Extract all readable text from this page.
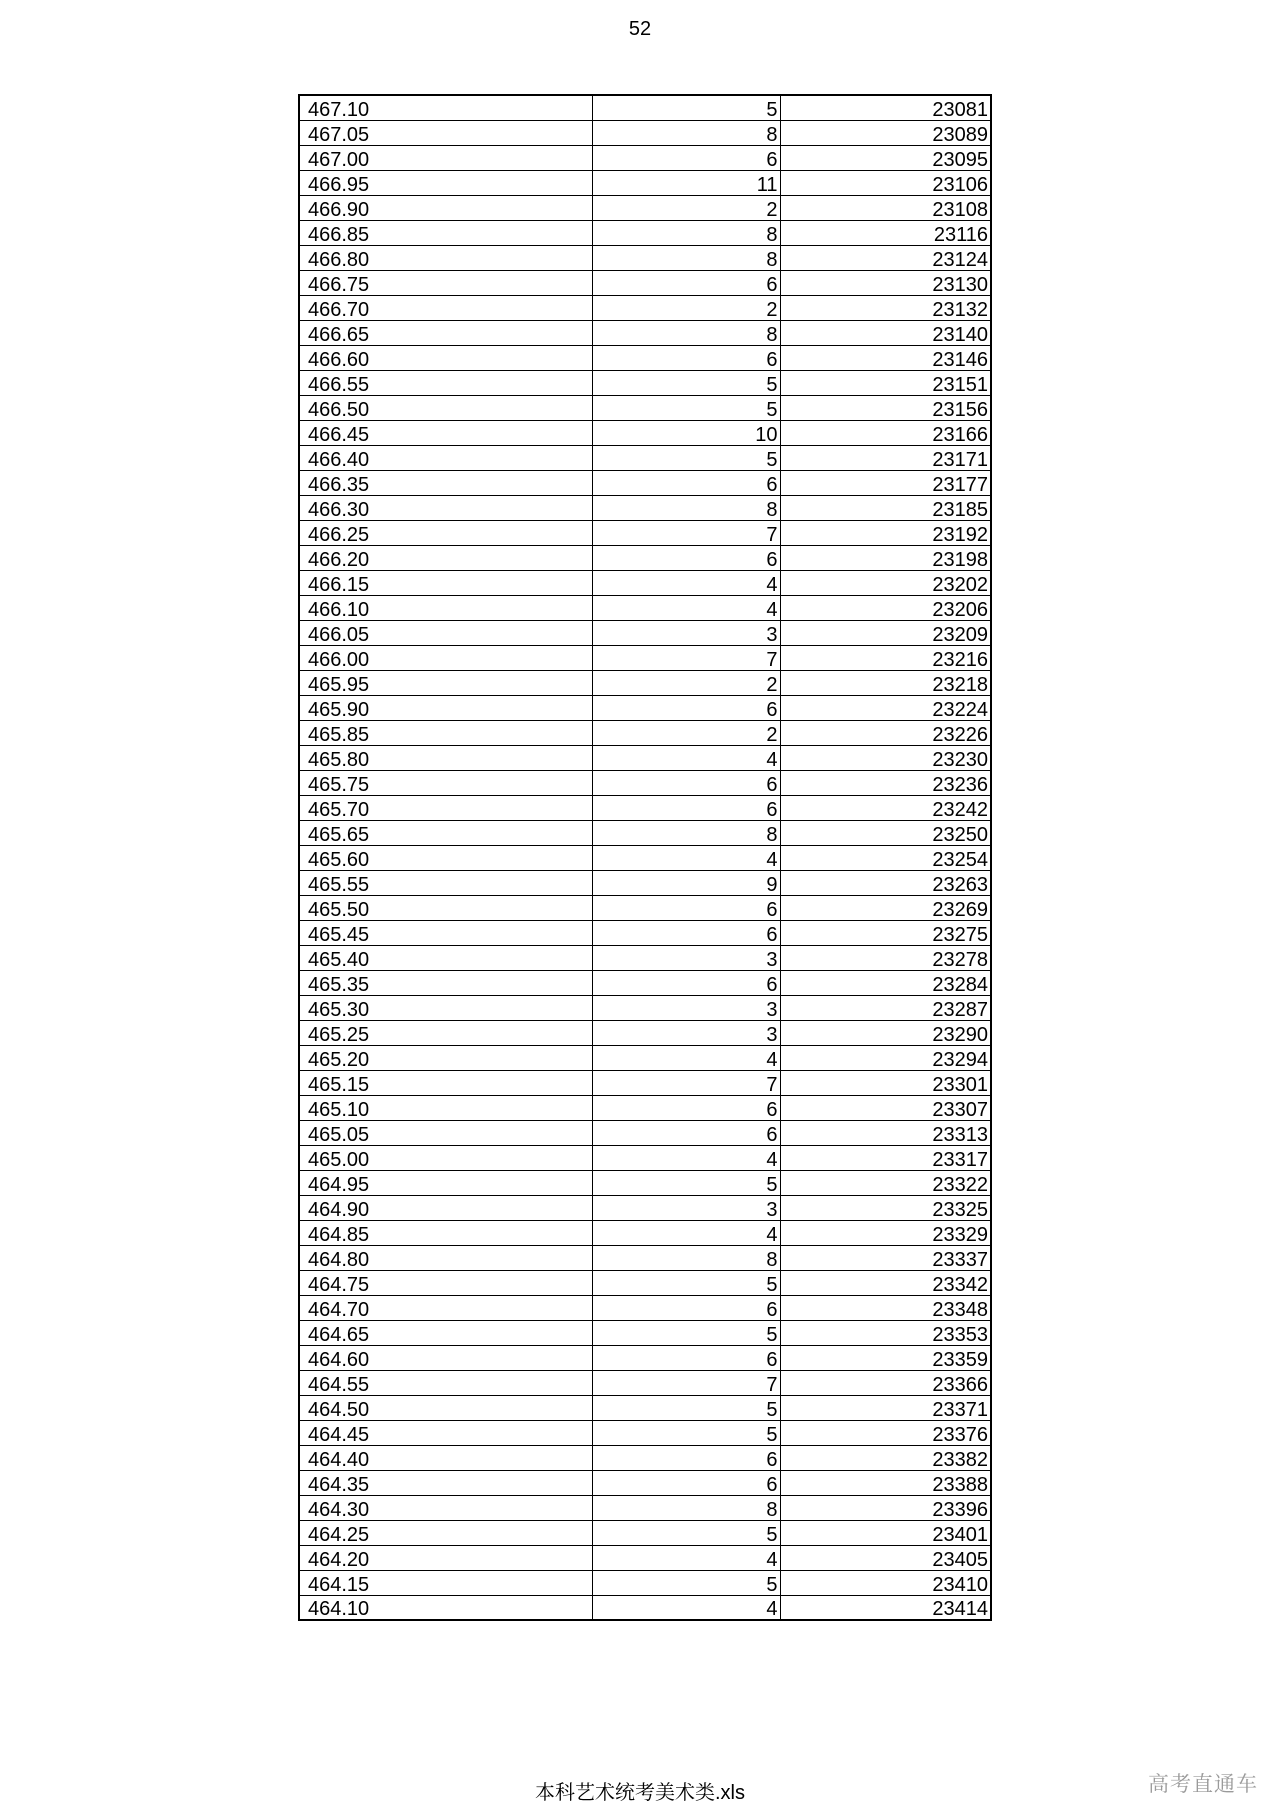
52
467.10	5	23081
467.05	8	23089
467.00	6	23095
466.95	11	23106
466.90	2	23108
466.85	8	23116
466.80	8	23124
466.75	6	23130
466.70	2	23132
466.65	8	23140
466.60	6	23146
466.55	5	23151
466.50	5	23156
466.45	10	23166
466.40	5	23171
466.35	6	23177
466.30	8	23185
466.25	7	23192
466.20	6	23198
466.15	4	23202
466.10	4	23206
466.05	3	23209
466.00	7	23216
465.95	2	23218
465.90	6	23224
465.85	2	23226
465.80	4	23230
465.75	6	23236
465.70	6	23242
465.65	8	23250
465.60	4	23254
465.55	9	23263
465.50	6	23269
465.45	6	23275
465.40	3	23278
465.35	6	23284
465.30	3	23287
465.25	3	23290
465.20	4	23294
465.15	7	23301
465.10	6	23307
465.05	6	23313
465.00	4	23317
464.95	5	23322
464.90	3	23325
464.85	4	23329
464.80	8	23337
464.75	5	23342
464.70	6	23348
464.65	5	23353
464.60	6	23359
464.55	7	23366
464.50	5	23371
464.45	5	23376
464.40	6	23382
464.35	6	23388
464.30	8	23396
464.25	5	23401
464.20	4	23405
464.15	5	23410
464.10	4	23414
本科艺术统考美术类.xls	高考直通车
